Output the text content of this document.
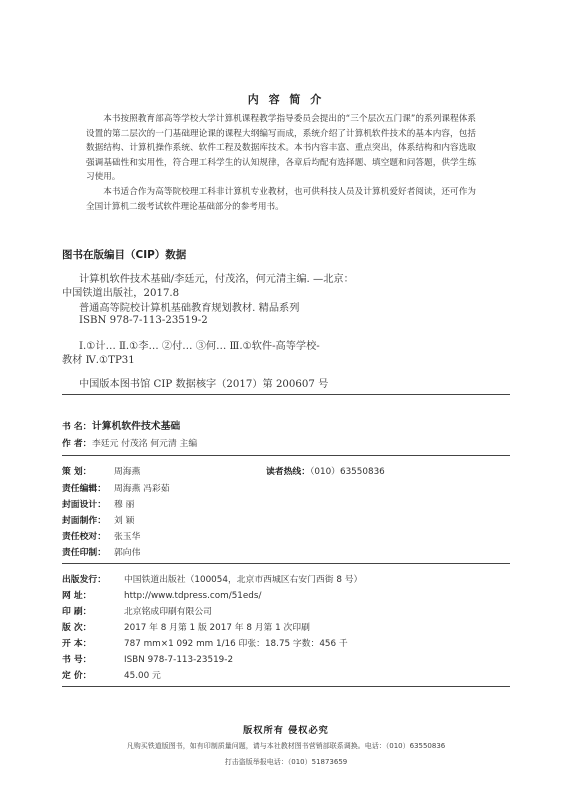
内 容 简 介

本书按照教育部高等学校大学计算机课程教学指导委员会提出的“三个层次五门课”的系列课程体系设置的第二层次的一门基础理论课的课程大纲编写而成，系统介绍了计算机软件技术的基本内容，包括数据结构、计算机操作系统、软件工程及数据库技术。本书内容丰富、重点突出，体系结构和内容选取强调基础性和实用性，符合理工科学生的认知规律，各章后均配有选择题、填空题和问答题，供学生练习使用。

本书适合作为高等院校理工科非计算机专业教材，也可供科技人员及计算机爱好者阅读，还可作为全国计算机二级考试软件理论基础部分的参考用书。

图书在版编目（CIP）数据
计算机软件技术基础/李廷元，付茂洺，何元清主编. —北京：
中国铁道出版社，2017.8
普通高等院校计算机基础教育规划教材. 精品系列
ISBN 978-7-113-23519-2
Ⅰ.①计… Ⅱ.①李… ②付… ③何… Ⅲ.①软件-高等学校-
教材 Ⅳ.①TP31
中国版本图书馆 CIP 数据核字（2017）第 200607 号
书 名：计算机软件技术基础
作 者：李廷元 付茂洺 何元清 主编
策 划：	周海燕	读者热线：（010）63550836
责任编辑： 周海燕 冯彩茹
封面设计： 穆 丽
封面制作： 刘 颖
责任校对： 张玉华
责任印制： 郭向伟
出版发行： 中国铁道出版社（100054，北京市西城区右安门西街 8 号）
网 址：	http://www.tdpress.com/51eds/
印 刷：	北京铭成印刷有限公司
版 次：	2017 年 8 月第 1 版 2017 年 8 月第 1 次印刷
开 本：	787 mm×1 092 mm 1/16 印张：18.75 字数：456 千
书 号：	ISBN 978-7-113-23519-2
定 价：	45.00 元
版权所有 侵权必究
凡购买铁道版图书，如有印制质量问题，请与本社教材图书营销部联系调换。电话：（010）63550836
打击盗版举报电话：（010）51873659
